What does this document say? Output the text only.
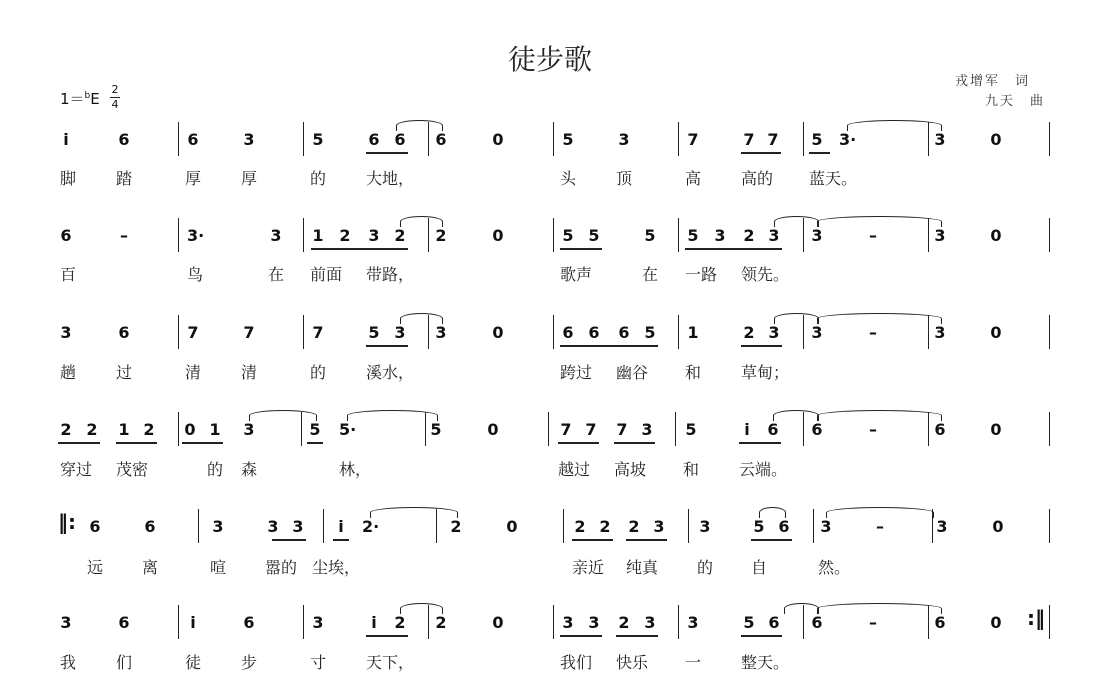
徒步歌
戎增军　词
九天　曲
1＝$^b$E
2
4
i	6	6	3	5	6 6 6	0	5	3	7	7 7 5 3·	3	0
脚 踏	厚 厚	的 大地，	头 顶	高 高的 蓝天。
6	–	3·	3 1 2 3 2 2	0	5 5	5 5 3 2 3 3	–	3	0
百	鸟	在 前面 带路，	歌声	在 一路 领先。
3	6	7	7	7	5 3 3	0	6 6 6 5 1	2 3 3	–	3	0
趟 过	清 清	的 溪水，	跨过 幽谷 和 草甸；
2 2 1 2 0 1 3	5 5·	5	0	7 7 7 3 5	i	6 6	–	6	0
穿过 茂密	的 森	林，	越过 高坡 和 云端。
6	6	3	3 3	i	2·	2	0	2 2 2 3 3	5 6 3	–	3	0
远 离	喧 嚣的 尘埃，	亲近 纯真 的 自	然。
3	6	i	6	3	i	2 2	0	3 3 2 3 3	5 6 6	–	6	0
我 们	徒 步	寸 天下，	我们 快乐 一 整天。
‖:
:‖
